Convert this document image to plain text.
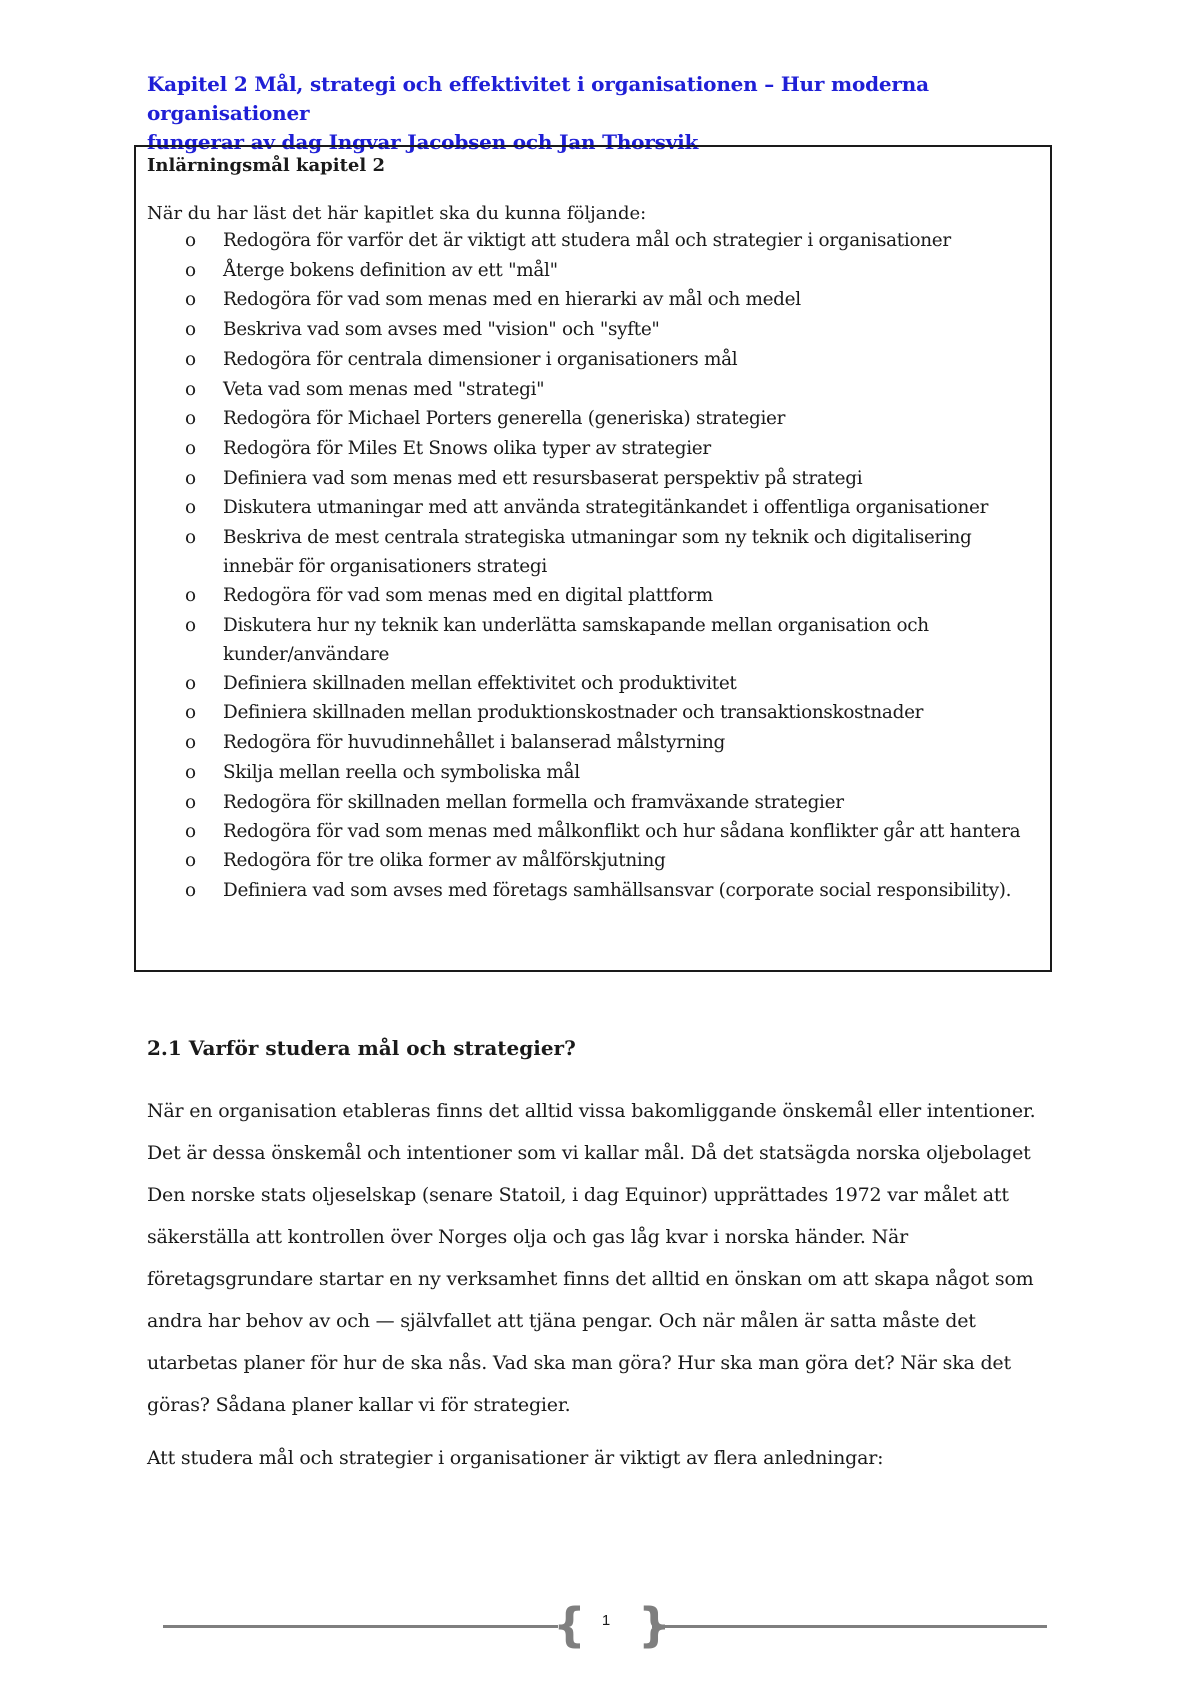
Kapitel 2 Mål, strategi och effektivitet i organisationen – Hur moderna organisationer
fungerar av dag Ingvar Jacobsen och Jan Thorsvik
Inlärningsmål kapitel 2
När du har läst det här kapitlet ska du kunna följande:
o Redogöra för varför det är viktigt att studera mål och strategier i organisationer
o Återge bokens definition av ett "mål"
o Redogöra för vad som menas med en hierarki av mål och medel
o Beskriva vad som avses med "vision" och "syfte"
o Redogöra för centrala dimensioner i organisationers mål
o Veta vad som menas med "strategi"
o Redogöra för Michael Porters generella (generiska) strategier
o Redogöra för Miles Et Snows olika typer av strategier
o Definiera vad som menas med ett resursbaserat perspektiv på strategi
o Diskutera utmaningar med att använda strategitänkandet i offentliga organisationer
o Beskriva de mest centrala strategiska utmaningar som ny teknik och digitalisering innebär för organisationers strategi
o Redogöra för vad som menas med en digital plattform
o Diskutera hur ny teknik kan underlätta samskapande mellan organisation och kunder/användare
o Definiera skillnaden mellan effektivitet och produktivitet
o Definiera skillnaden mellan produktionskostnader och transaktionskostnader
o Redogöra för huvudinnehållet i balanserad målstyrning
o Skilja mellan reella och symboliska mål
o Redogöra för skillnaden mellan formella och framväxande strategier
o Redogöra för vad som menas med målkonflikt och hur sådana konflikter går att hantera
o Redogöra för tre olika former av målförskjutning
o Definiera vad som avses med företags samhällsansvar (corporate social responsibility).
2.1 Varför studera mål och strategier?
När en organisation etableras finns det alltid vissa bakomliggande önskemål eller intentioner. Det är dessa önskemål och intentioner som vi kallar mål. Då det statsägda norska oljebolaget Den norske stats oljeselskap (senare Statoil, i dag Equinor) upprättades 1972 var målet att säkerställa att kontrollen över Norges olja och gas låg kvar i norska händer. När företagsgrundare startar en ny verksamhet finns det alltid en önskan om att skapa något som andra har behov av och — självfallet att tjäna pengar. Och när målen är satta måste det utarbetas planer för hur de ska nås. Vad ska man göra? Hur ska man göra det? När ska det göras? Sådana planer kallar vi för strategier.
Att studera mål och strategier i organisationer är viktigt av flera anledningar:
{ }
1
